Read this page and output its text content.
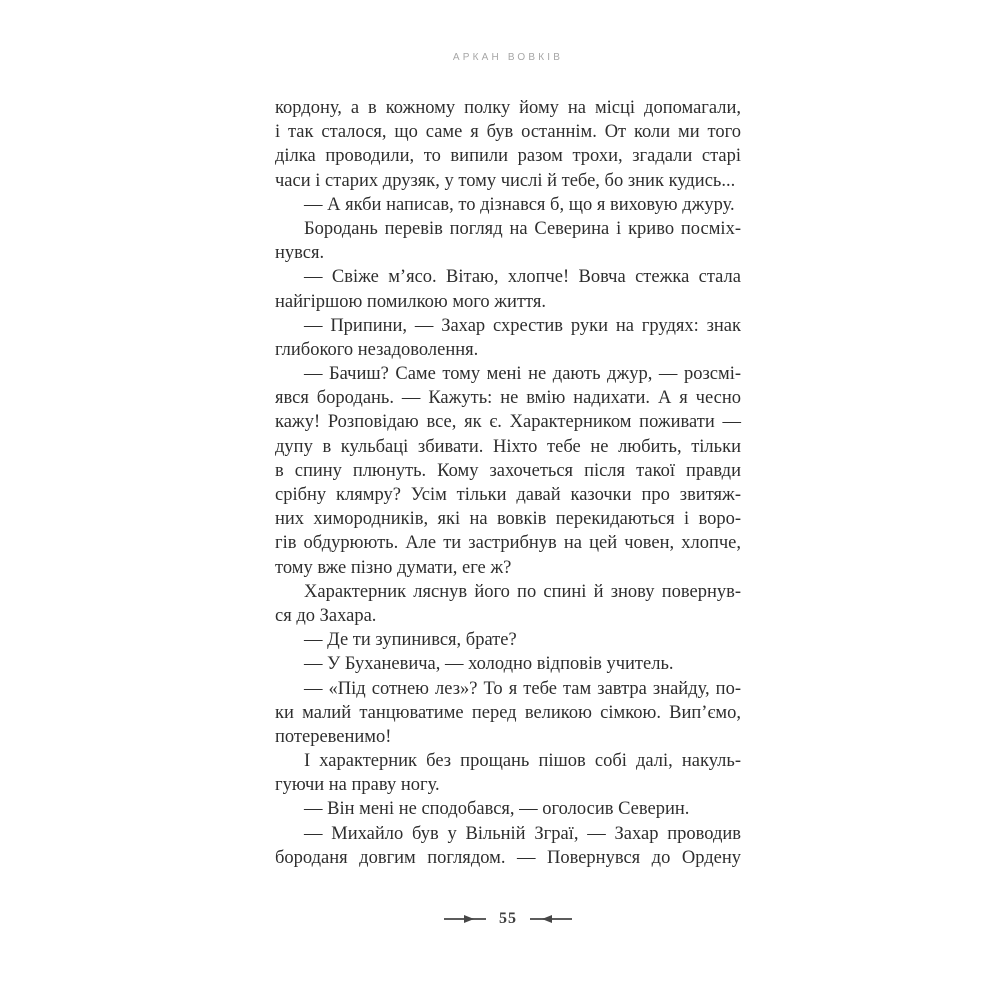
АРКАН ВОВКІВ
кордону, а в кожному полку йому на місці допомагали,
і так сталося, що саме я був останнім. От коли ми того
ділка проводили, то випили разом трохи, згадали старі
часи і старих друзяк, у тому числі й тебе, бо зник кудись...
— А якби написав, то дізнався б, що я виховую джуру.
Бородань перевів погляд на Северина і криво посміх-
нувся.
— Свіже м’ясо. Вітаю, хлопче! Вовча стежка стала
найгіршою помилкою мого життя.
— Припини, — Захар схрестив руки на грудях: знак
глибокого незадоволення.
— Бачиш? Саме тому мені не дають джур, — розсмі-
явся бородань. — Кажуть: не вмію надихати. А я чесно
кажу! Розповідаю все, як є. Характерником поживати —
дупу в кульбаці збивати. Ніхто тебе не любить, тільки
в спину плюнуть. Кому захочеться після такої правди
срібну клямру? Усім тільки давай казочки про звитяж-
них химородників, які на вовків перекидаються і воро-
гів обдурюють. Але ти застрибнув на цей човен, хлопче,
тому вже пізно думати, еге ж?
Характерник ляснув його по спині й знову повернув-
ся до Захара.
— Де ти зупинився, брате?
— У Буханевича, — холодно відповів учитель.
— «Під сотнею лез»? То я тебе там завтра знайду, по-
ки малий танцюватиме перед великою сімкою. Вип’ємо,
потеревенимо!
І характерник без прощань пішов собі далі, накуль-
гуючи на праву ногу.
— Він мені не сподобався, — оголосив Северин.
— Михайло був у Вільній Зграї, — Захар проводив
бороданя довгим поглядом. — Повернувся до Ордену
55
